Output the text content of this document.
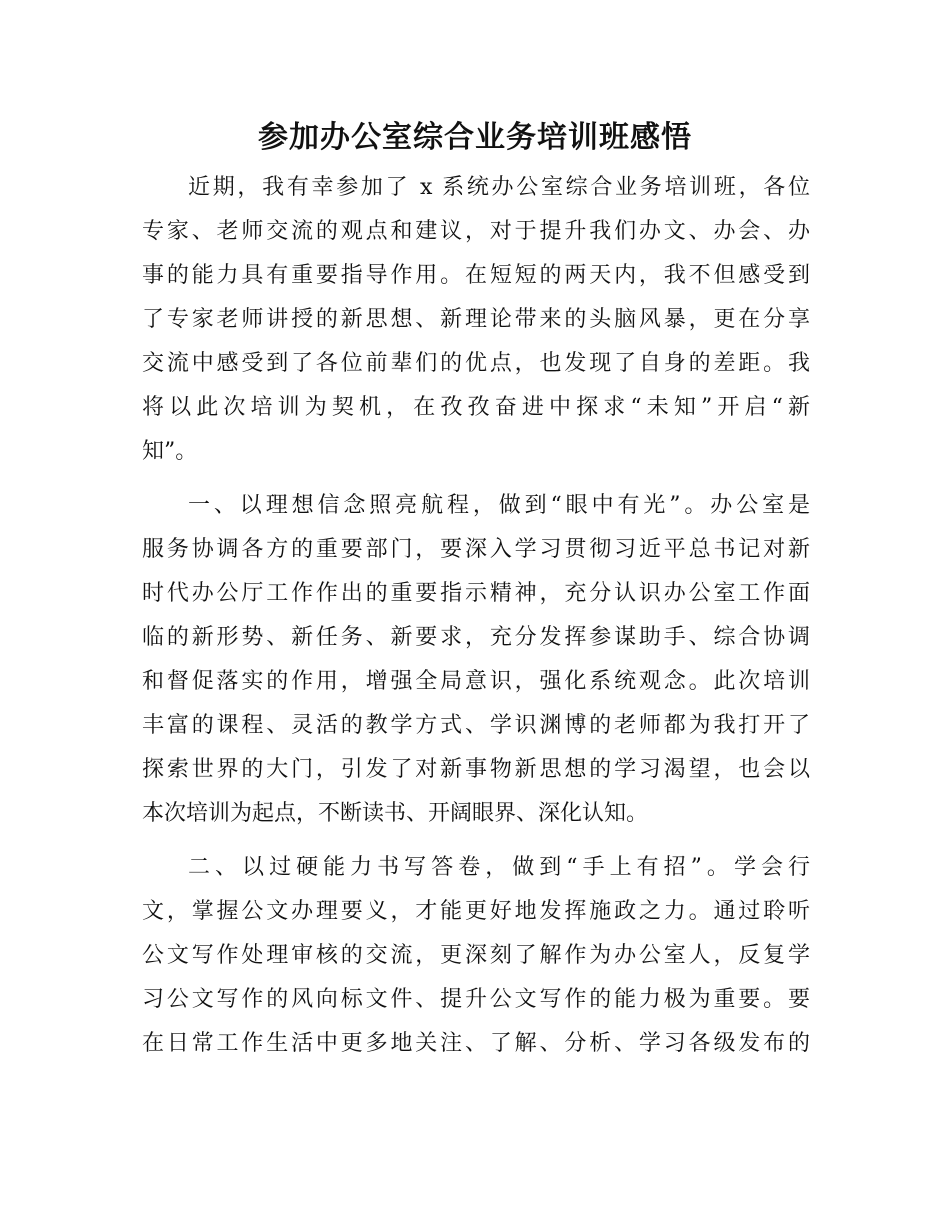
参加办公室综合业务培训班感悟
近期，我有幸参加了 x 系统办公室综合业务培训班，各位
专家、老师交流的观点和建议，对于提升我们办文、办会、办
事的能力具有重要指导作用。在短短的两天内，我不但感受到
了专家老师讲授的新思想、新理论带来的头脑风暴，更在分享
交流中感受到了各位前辈们的优点，也发现了自身的差距。我
将以此次培训为契机，在孜孜奋进中探求“未知”开启“新
知”。
一、以理想信念照亮航程，做到“眼中有光”。办公室是
服务协调各方的重要部门，要深入学习贯彻习近平总书记对新
时代办公厅工作作出的重要指示精神，充分认识办公室工作面
临的新形势、新任务、新要求，充分发挥参谋助手、综合协调
和督促落实的作用，增强全局意识，强化系统观念。此次培训
丰富的课程、灵活的教学方式、学识渊博的老师都为我打开了
探索世界的大门，引发了对新事物新思想的学习渴望，也会以
本次培训为起点，不断读书、开阔眼界、深化认知。
二、以过硬能力书写答卷，做到“手上有招”。学会行
文，掌握公文办理要义，才能更好地发挥施政之力。通过聆听
公文写作处理审核的交流，更深刻了解作为办公室人，反复学
习公文写作的风向标文件、提升公文写作的能力极为重要。要
在日常工作生活中更多地关注、了解、分析、学习各级发布的
